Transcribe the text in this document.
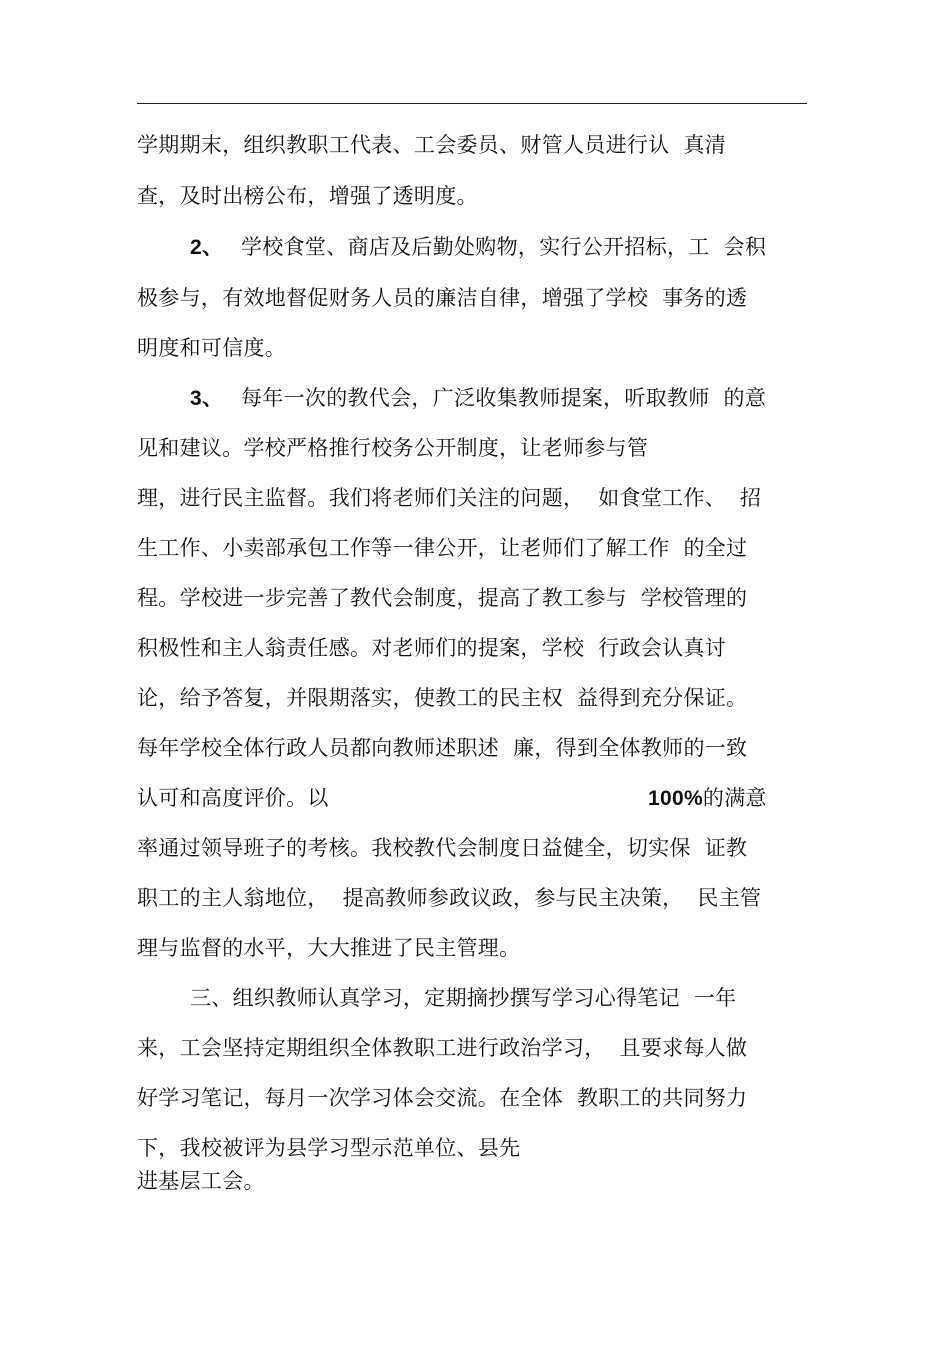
学期期末，组织教职工代表、工会委员、财管人员进行认  真清
查，及时出榜公布，增强了透明度。
2、 学校食堂、商店及后勤处购物，实行公开招标，工  会积
极参与，有效地督促财务人员的廉洁自律，增强了学校  事务的透
明度和可信度。
3、 每年一次的教代会，广泛收集教师提案，听取教师  的意
见和建议。学校严格推行校务公开制度，让老师参与管
理，进行民主监督。我们将老师们关注的问题，  如食堂工作、  招
生工作、小卖部承包工作等一律公开，让老师们了解工作  的全过
程。学校进一步完善了教代会制度，提高了教工参与  学校管理的
积极性和主人翁责任感。对老师们的提案，学校  行政会认真讨
论，给予答复，并限期落实，使教工的民主权  益得到充分保证。
每年学校全体行政人员都向教师述职述  廉，得到全体教师的一致
认可和高度评价。以	100%的满意
率通过领导班子的考核。我校教代会制度日益健全，切实保  证教
职工的主人翁地位，  提高教师参政议政，参与民主决策，  民主管
理与监督的水平，大大推进了民主管理。
三、组织教师认真学习，定期摘抄撰写学习心得笔记  一年
来，工会坚持定期组织全体教职工进行政治学习，  且要求每人做
好学习笔记，每月一次学习体会交流。在全体  教职工的共同努力
下，我校被评为县学习型示范单位、县先
进基层工会。
